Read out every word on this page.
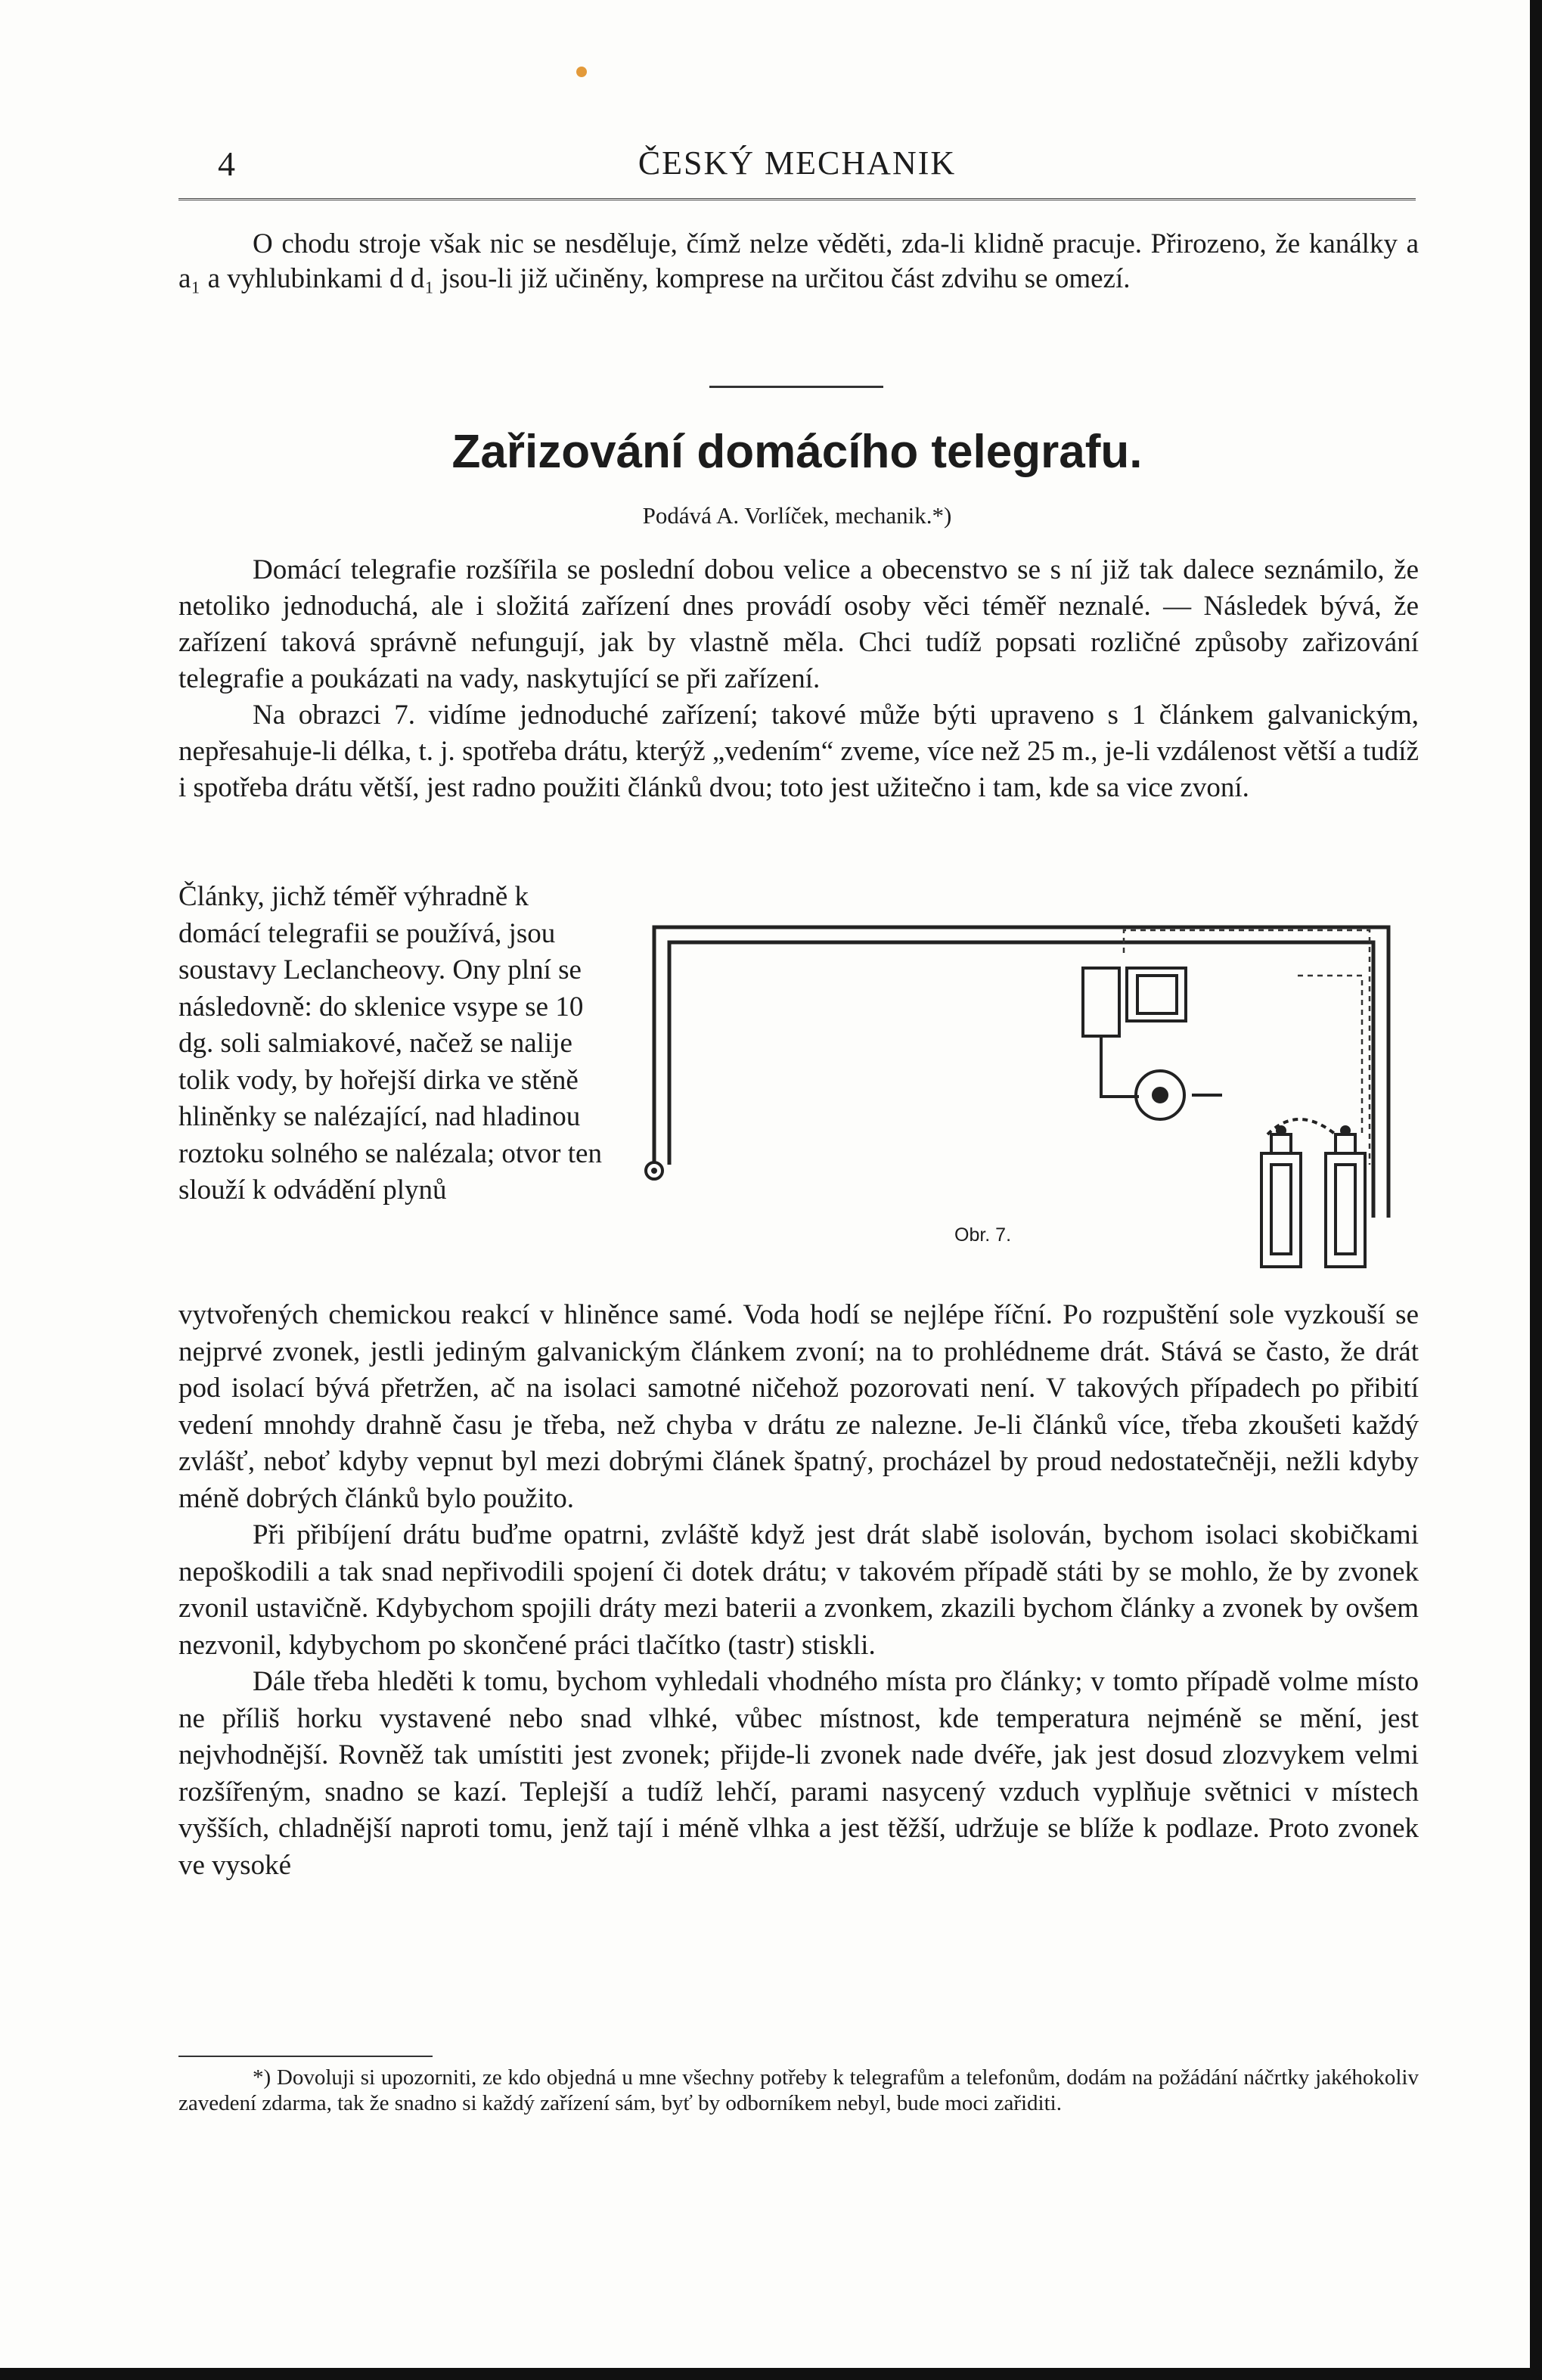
4	ČESKÝ MECHANIK

O chodu stroje však nic se nesděluje, čímž nelze věděti, zda-li klidně pracuje. Přirozeno, že kanálky a a₁ a vyhlubinkami d d₁ jsou-li již učiněny, komprese na určitou část zdvihu se omezí.

Zařizování domácího telegrafu.
Podává A. Vorlíček, mechanik.*)

Domácí telegrafie rozšířila se poslední dobou velice a obecenstvo se s ní již tak dalece seznámilo, že netoliko jednoduchá, ale i složitá zařízení dnes provádí osoby věci téměř neznalé. — Následek bývá, že zařízení taková správně nefungují, jak by vlastně měla. Chci tudíž popsati rozličné způsoby zařizování telegrafie a poukázati na vady, naskytující se při zařízení.

Na obrazci 7. vidíme jednoduché zařízení; takové může býti upraveno s 1 článkem galvanickým, nepřesahuje-li délka, t. j. spotřeba drátu, kterýž „vedením“ zveme, více než 25 m., je-li vzdálenost větší a tudíž i spotřeba drátu větší, jest radno použiti článků dvou; toto jest užitečno i tam, kde sa vice zvoní.

Články, jichž téměř výhradně k domácí telegrafii se používá, jsou soustavy Leclancheovy. Ony plní se následovně: do sklenice vsype se 10 dg. soli salmiakové, načež se nalije tolik vody, by hořejší dirka ve stěně hliněnky se nalézající, nad hladinou roztoku solného se nalézala; otvor ten slouží k odvádění plynů
Obr. 7.

vytvořených chemickou reakcí v hliněnce samé. Voda hodí se nejlépe říční. Po rozpuštění sole vyzkouší se nejprvé zvonek, jestli jediným galvanickým článkem zvoní; na to prohlédneme drát. Stává se často, že drát pod isolací bývá přetržen, ač na isolaci samotné ničehož pozorovati není. V takových případech po přibití vedení mnohdy drahně času je třeba, než chyba v drátu ze nalezne. Je-li článků více, třeba zkoušeti každý zvlášť, neboť kdyby vepnut byl mezi dobrými článek špatný, procházel by proud nedostatečněji, nežli kdyby méně dobrých článků bylo použito.

Při přibíjení drátu buďme opatrni, zvláště když jest drát slabě isolován, bychom isolaci skobičkami nepoškodili a tak snad nepřivodili spojení či dotek drátu; v takovém případě státi by se mohlo, že by zvonek zvonil ustavičně. Kdybychom spojili dráty mezi baterii a zvonkem, zkazili bychom články a zvonek by ovšem nezvonil, kdybychom po skončené práci tlačítko (tastr) stiskli.

Dále třeba hleděti k tomu, bychom vyhledali vhodného místa pro články; v tomto případě volme místo ne příliš horku vystavené nebo snad vlhké, vůbec místnost, kde temperatura nejméně se mění, jest nejvhodnější. Rovněž tak umístiti jest zvonek; přijde-li zvonek nade dvéře, jak jest dosud zlozvykem velmi rozšířeným, snadno se kazí. Teplejší a tudíž lehčí, parami nasycený vzduch vyplňuje světnici v místech vyšších, chladnější naproti tomu, jenž tají i méně vlhka a jest těžší, udržuje se blíže k podlaze. Proto zvonek ve vysoké

*) Dovoluji si upozorniti, ze kdo objedná u mne všechny potřeby k telegrafům a telefonům, dodám na požádání náčrtky jakéhokoliv zavedení zdarma, tak že snadno si každý zařízení sám, byť by odborníkem nebyl, bude moci zařiditi.
